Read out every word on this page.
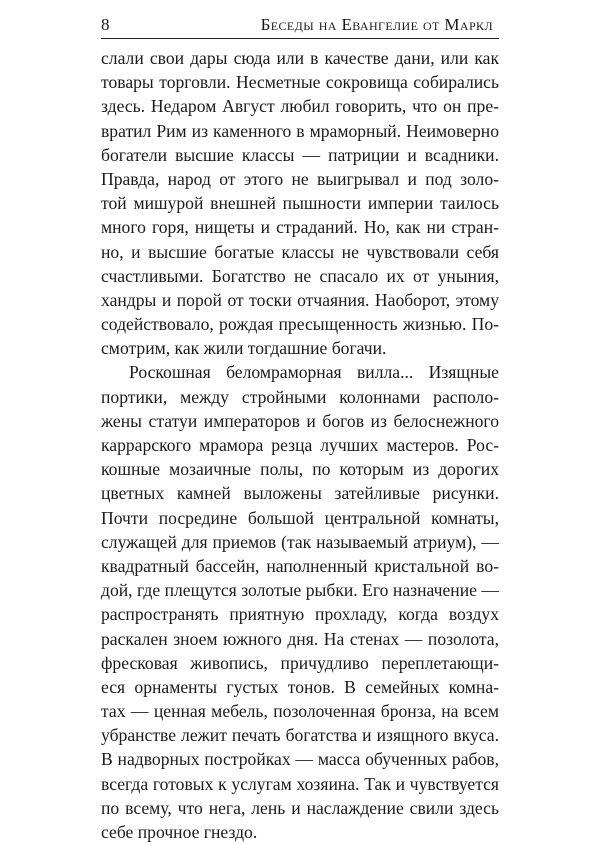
8	Беседы на Евангелие от Маркл
слали свои дары сюда или в качестве дани, или как
товары торговли. Несметные сокровища собирались
здесь. Недаром Август любил говорить, что он пре-
вратил Рим из каменного в мраморный. Неимоверно
богатели высшие классы — патриции и всадники.
Правда, народ от этого не выигрывал и под золо-
той мишурой внешней пышности империи таилось
много горя, нищеты и страданий. Но, как ни стран-
но, и высшие богатые классы не чувствовали себя
счастливыми. Богатство не спасало их от уныния,
хандры и порой от тоски отчаяния. Наоборот, этому
содействовало, рождая пресыщенность жизнью. По-
смотрим, как жили тогдашние богачи.
Роскошная беломраморная вилла... Изящные
портики, между стройными колоннами располо-
жены статуи императоров и богов из белоснежного
каррарского мрамора резца лучших мастеров. Рос-
кошные мозаичные полы, по которым из дорогих
цветных камней выложены затейливые рисунки.
Почти посредине большой центральной комнаты,
служащей для приемов (так называемый атриум), —
квадратный бассейн, наполненный кристальной во-
дой, где плещутся золотые рыбки. Его назначение —
распространять приятную прохладу, когда воздух
раскален зноем южного дня. На стенах — позолота,
фресковая живопись, причудливо переплетающи-
еся орнаменты густых тонов. В семейных комна-
тах — ценная мебель, позолоченная бронза, на всем
убранстве лежит печать богатства и изящного вкуса.
В надворных постройках — масса обученных рабов,
всегда готовых к услугам хозяина. Так и чувствуется
по всему, что нега, лень и наслаждение свили здесь
себе прочное гнездо.
